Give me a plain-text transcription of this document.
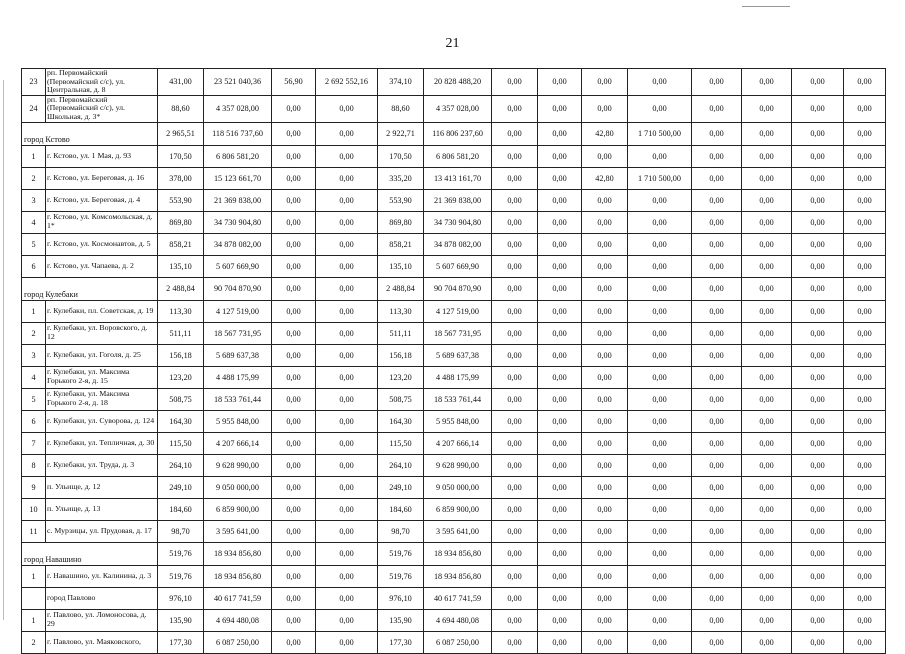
21
23	рп. Первомайский (Первомайский с/с), ул. Центральная, д. 8	431,00	23 521 040,36	56,90	2 692 552,16	374,10	20 828 488,20	0,00	0,00	0,00	0,00	0,00	0,00	0,00	0,00
24	рп. Первомайский (Первомайский с/с), ул. Школьная, д. 3*	88,60	4 357 028,00	0,00	0,00	88,60	4 357 028,00	0,00	0,00	0,00	0,00	0,00	0,00	0,00	0,00
город Кстово		2 965,51	118 516 737,60	0,00	0,00	2 922,71	116 806 237,60	0,00	0,00	42,80	1 710 500,00	0,00	0,00	0,00	0,00
1	г. Кстово, ул. 1 Мая, д. 93	170,50	6 806 581,20	0,00	0,00	170,50	6 806 581,20	0,00	0,00	0,00	0,00	0,00	0,00	0,00	0,00
2	г. Кстово, ул. Береговая, д. 16	378,00	15 123 661,70	0,00	0,00	335,20	13 413 161,70	0,00	0,00	42,80	1 710 500,00	0,00	0,00	0,00	0,00
3	г. Кстово, ул. Береговая, д. 4	553,90	21 369 838,00	0,00	0,00	553,90	21 369 838,00	0,00	0,00	0,00	0,00	0,00	0,00	0,00	0,00
4	г. Кстово, ул. Комсомольская, д. 1*	869,80	34 730 904,80	0,00	0,00	869,80	34 730 904,80	0,00	0,00	0,00	0,00	0,00	0,00	0,00	0,00
5	г. Кстово, ул. Космонавтов, д. 5	858,21	34 878 082,00	0,00	0,00	858,21	34 878 082,00	0,00	0,00	0,00	0,00	0,00	0,00	0,00	0,00
6	г. Кстово, ул. Чапаева, д. 2	135,10	5 607 669,90	0,00	0,00	135,10	5 607 669,90	0,00	0,00	0,00	0,00	0,00	0,00	0,00	0,00
город Кулебаки		2 488,84	90 704 870,90	0,00	0,00	2 488,84	90 704 870,90	0,00	0,00	0,00	0,00	0,00	0,00	0,00	0,00
1	г. Кулебаки, пл. Советская, д. 19	113,30	4 127 519,00	0,00	0,00	113,30	4 127 519,00	0,00	0,00	0,00	0,00	0,00	0,00	0,00	0,00
2	г. Кулебаки, ул. Воровского, д. 12	511,11	18 567 731,95	0,00	0,00	511,11	18 567 731,95	0,00	0,00	0,00	0,00	0,00	0,00	0,00	0,00
3	г. Кулебаки, ул. Гоголя, д. 25	156,18	5 689 637,38	0,00	0,00	156,18	5 689 637,38	0,00	0,00	0,00	0,00	0,00	0,00	0,00	0,00
4	г. Кулебаки, ул. Максима Горького 2-я, д. 15	123,20	4 488 175,99	0,00	0,00	123,20	4 488 175,99	0,00	0,00	0,00	0,00	0,00	0,00	0,00	0,00
5	г. Кулебаки, ул. Максима Горького 2-я, д. 18	508,75	18 533 761,44	0,00	0,00	508,75	18 533 761,44	0,00	0,00	0,00	0,00	0,00	0,00	0,00	0,00
6	г. Кулебаки, ул. Суворова, д. 124	164,30	5 955 848,00	0,00	0,00	164,30	5 955 848,00	0,00	0,00	0,00	0,00	0,00	0,00	0,00	0,00
7	г. Кулебаки, ул. Тепличная, д. 30	115,50	4 207 666,14	0,00	0,00	115,50	4 207 666,14	0,00	0,00	0,00	0,00	0,00	0,00	0,00	0,00
8	г. Кулебаки, ул. Труда, д. 3	264,10	9 628 990,00	0,00	0,00	264,10	9 628 990,00	0,00	0,00	0,00	0,00	0,00	0,00	0,00	0,00
9	п. Ульище, д. 12	249,10	9 050 000,00	0,00	0,00	249,10	9 050 000,00	0,00	0,00	0,00	0,00	0,00	0,00	0,00	0,00
10	п. Ульище, д. 13	184,60	6 859 900,00	0,00	0,00	184,60	6 859 900,00	0,00	0,00	0,00	0,00	0,00	0,00	0,00	0,00
11	с. Мурзицы, ул. Прудовая, д. 17	98,70	3 595 641,00	0,00	0,00	98,70	3 595 641,00	0,00	0,00	0,00	0,00	0,00	0,00	0,00	0,00
город Навашино		519,76	18 934 856,80	0,00	0,00	519,76	18 934 856,80	0,00	0,00	0,00	0,00	0,00	0,00	0,00	0,00
1	г. Навашино, ул. Калинина, д. 3	519,76	18 934 856,80	0,00	0,00	519,76	18 934 856,80	0,00	0,00	0,00	0,00	0,00	0,00	0,00	0,00
	город Павлово	976,10	40 617 741,59	0,00	0,00	976,10	40 617 741,59	0,00	0,00	0,00	0,00	0,00	0,00	0,00	0,00
1	г. Павлово, ул. Ломоносова, д. 29	135,90	4 694 480,08	0,00	0,00	135,90	4 694 480,08	0,00	0,00	0,00	0,00	0,00	0,00	0,00	0,00
2	г. Павлово, ул. Маяковского,	177,30	6 087 250,00	0,00	0,00	177,30	6 087 250,00	0,00	0,00	0,00	0,00	0,00	0,00	0,00	0,00
